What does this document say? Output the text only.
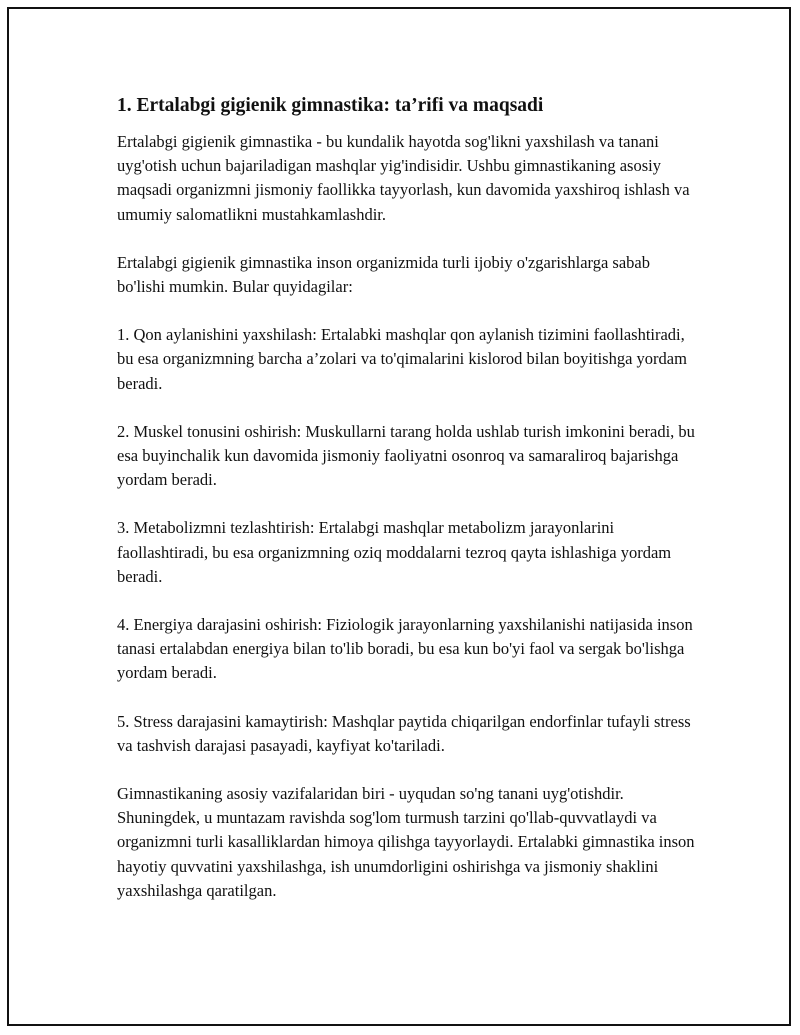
1. Ertalabgi gigienik gimnastika: ta’rifi va maqsadi

Ertalabgi gigienik gimnastika - bu kundalik hayotda sog'likni yaxshilash va tanani uyg'otish uchun bajariladigan mashqlar yig'indisidir. Ushbu gimnastikaning asosiy maqsadi organizmni jismoniy faollikka tayyorlash, kun davomida yaxshiroq ishlash va umumiy salomatlikni mustahkamlashdir.

Ertalabgi gigienik gimnastika inson organizmida turli ijobiy o'zgarishlarga sabab bo'lishi mumkin. Bular quyidagilar:

1. Qon aylanishini yaxshilash: Ertalabki mashqlar qon aylanish tizimini faollashtiradi, bu esa organizmning barcha a’zolari va to'qimalarini kislorod bilan boyitishga yordam beradi.

2. Muskel tonusini oshirish: Muskullarni tarang holda ushlab turish imkonini beradi, bu esa buyinchalik kun davomida jismoniy faoliyatni osonroq va samaraliroq bajarishga yordam beradi.

3. Metabolizmni tezlashtirish: Ertalabgi mashqlar metabolizm jarayonlarini faollashtiradi, bu esa organizmning oziq moddalarni tezroq qayta ishlashiga yordam beradi.

4. Energiya darajasini oshirish: Fiziologik jarayonlarning yaxshilanishi natijasida inson tanasi ertalabdan energiya bilan to'lib boradi, bu esa kun bo'yi faol va sergak bo'lishga yordam beradi.

5. Stress darajasini kamaytirish: Mashqlar paytida chiqarilgan endorfinlar tufayli stress va tashvish darajasi pasayadi, kayfiyat ko'tariladi.

Gimnastikaning asosiy vazifalaridan biri - uyqudan so'ng tanani uyg'otishdir. Shuningdek, u muntazam ravishda sog'lom turmush tarzini qo'llab-quvvatlaydi va organizmni turli kasalliklardan himoya qilishga tayyorlaydi. Ertalabki gimnastika inson hayotiy quvvatini yaxshilashga, ish unumdorligini oshirishga va jismoniy shaklini yaxshilashga qaratilgan.
